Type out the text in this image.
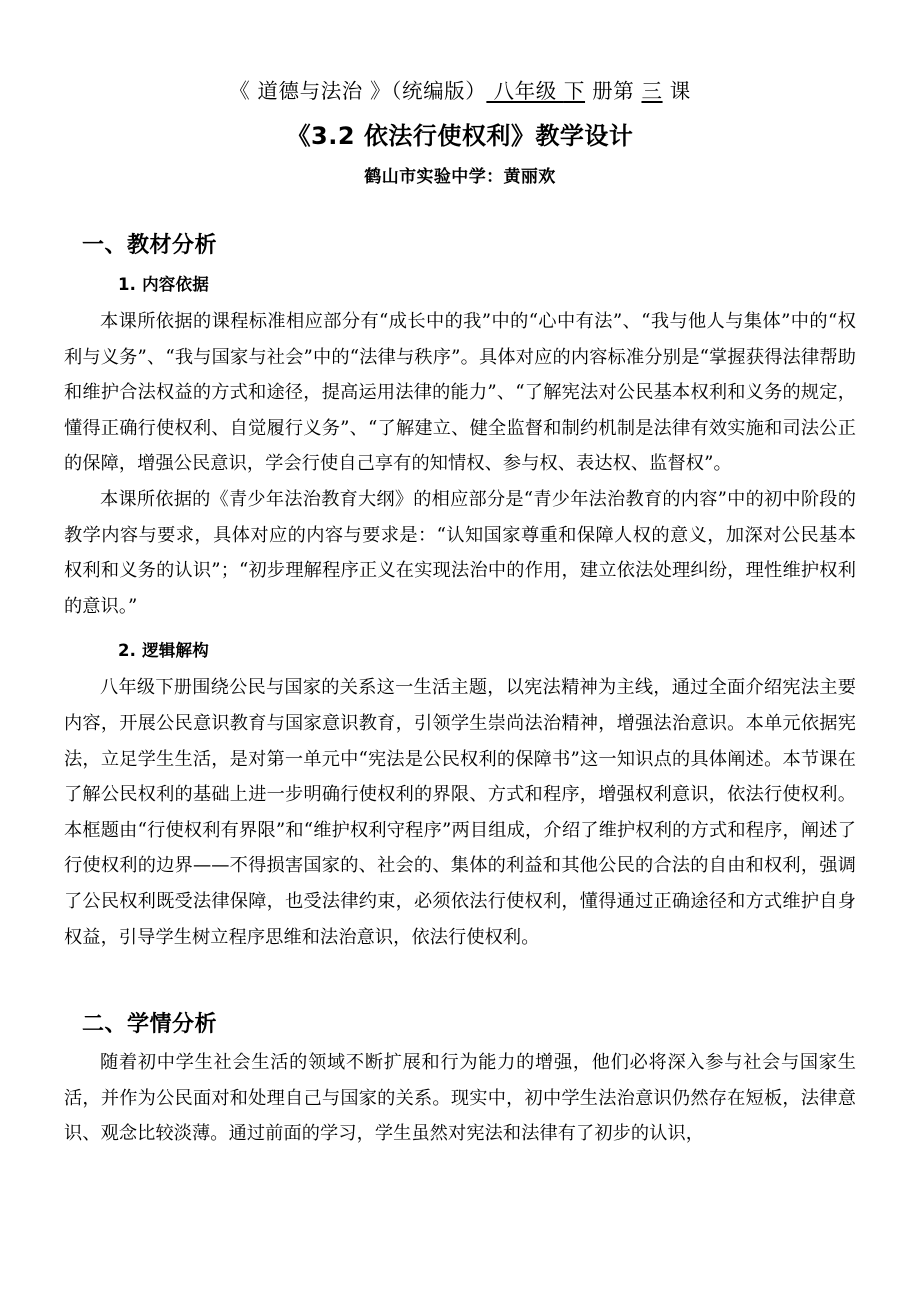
《 道德与法治 》（统编版） 八年级 下 册第 三 课
《3.2 依法行使权利》教学设计
鹤山市实验中学：黄丽欢
一、教材分析
1. 内容依据

本课所依据的课程标准相应部分有“成长中的我”中的“心中有法”、“我与他人与集体”中的“权利与义务”、“我与国家与社会”中的“法律与秩序”。具体对应的内容标准分别是“掌握获得法律帮助和维护合法权益的方式和途径，提高运用法律的能力”、“了解宪法对公民基本权利和义务的规定，懂得正确行使权利、自觉履行义务”、“了解建立、健全监督和制约机制是法律有效实施和司法公正的保障，增强公民意识，学会行使自己享有的知情权、参与权、表达权、监督权”。

本课所依据的《青少年法治教育大纲》的相应部分是“青少年法治教育的内容”中的初中阶段的教学内容与要求，具体对应的内容与要求是：“认知国家尊重和保障人权的意义，加深对公民基本权利和义务的认识”；“初步理解程序正义在实现法治中的作用，建立依法处理纠纷，理性维护权利的意识。”

2. 逻辑解构

八年级下册围绕公民与国家的关系这一生活主题，以宪法精神为主线，通过全面介绍宪法主要内容，开展公民意识教育与国家意识教育，引领学生崇尚法治精神，增强法治意识。本单元依据宪法，立足学生生活，是对第一单元中“宪法是公民权利的保障书”这一知识点的具体阐述。本节课在了解公民权利的基础上进一步明确行使权利的界限、方式和程序，增强权利意识，依法行使权利。本框题由“行使权利有界限”和“维护权利守程序”两目组成，介绍了维护权利的方式和程序，阐述了行使权利的边界——不得损害国家的、社会的、集体的利益和其他公民的合法的自由和权利，强调了公民权利既受法律保障，也受法律约束，必须依法行使权利，懂得通过正确途径和方式维护自身权益，引导学生树立程序思维和法治意识，依法行使权利。

二、学情分析

随着初中学生社会生活的领域不断扩展和行为能力的增强，他们必将深入参与社会与国家生活，并作为公民面对和处理自己与国家的关系。现实中，初中学生法治意识仍然存在短板，法律意识、观念比较淡薄。通过前面的学习，学生虽然对宪法和法律有了初步的认识，
